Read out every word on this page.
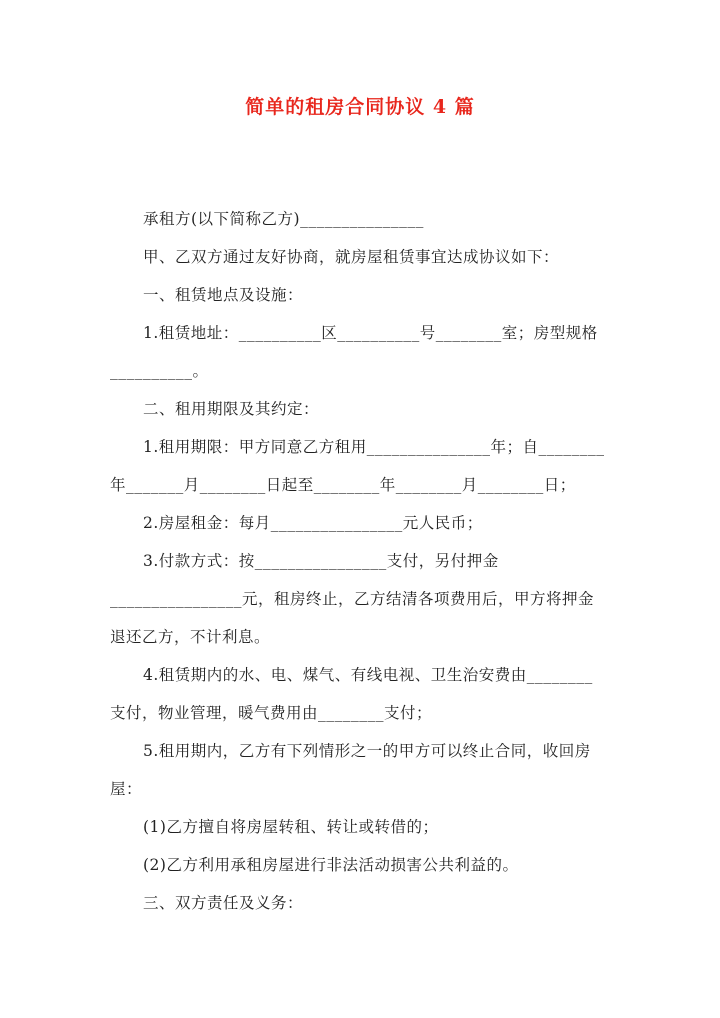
简单的租房合同协议 4 篇
承租方(以下简称乙方)_______________
甲、乙双方通过友好协商，就房屋租赁事宜达成协议如下：
一、租赁地点及设施：
1.租赁地址：__________区__________号________室；房型规格
__________。
二、租用期限及其约定：
1.租用期限：甲方同意乙方租用_______________年；自________
年_______月________日起至________年________月________日；
2.房屋租金：每月________________元人民币；
3.付款方式：按________________支付，另付押金
________________元，租房终止，乙方结清各项费用后，甲方将押金
退还乙方，不计利息。
4.租赁期内的水、电、煤气、有线电视、卫生治安费由________
支付，物业管理，暖气费用由________支付；
5.租用期内，乙方有下列情形之一的甲方可以终止合同，收回房
屋：
(1)乙方擅自将房屋转租、转让或转借的；
(2)乙方利用承租房屋进行非法活动损害公共利益的。
三、双方责任及义务：
